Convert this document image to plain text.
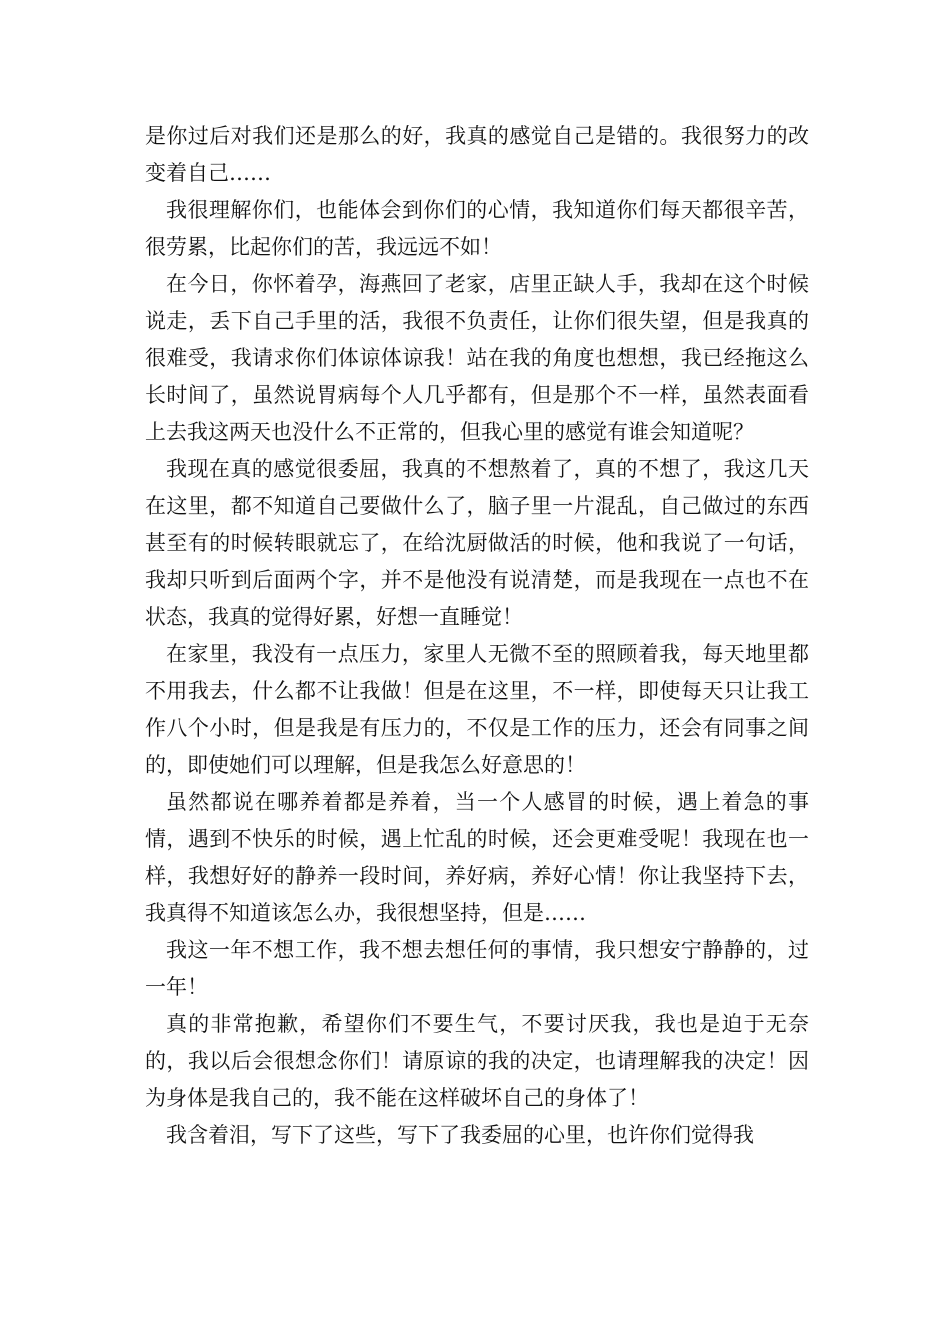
是你过后对我们还是那么的好，我真的感觉自己是错的。我很努力的改变着自己……

我很理解你们，也能体会到你们的心情，我知道你们每天都很辛苦，很劳累，比起你们的苦，我远远不如！

在今日，你怀着孕，海燕回了老家，店里正缺人手，我却在这个时候说走，丢下自己手里的活，我很不负责任，让你们很失望，但是我真的很难受，我请求你们体谅体谅我！站在我的角度也想想，我已经拖这么长时间了，虽然说胃病每个人几乎都有，但是那个不一样，虽然表面看上去我这两天也没什么不正常的，但我心里的感觉有谁会知道呢？

我现在真的感觉很委屈，我真的不想熬着了，真的不想了，我这几天在这里，都不知道自己要做什么了，脑子里一片混乱，自己做过的东西甚至有的时候转眼就忘了，在给沈厨做活的时候，他和我说了一句话，我却只听到后面两个字，并不是他没有说清楚，而是我现在一点也不在状态，我真的觉得好累，好想一直睡觉！

在家里，我没有一点压力，家里人无微不至的照顾着我，每天地里都不用我去，什么都不让我做！但是在这里，不一样，即使每天只让我工作八个小时，但是我是有压力的，不仅是工作的压力，还会有同事之间的，即使她们可以理解，但是我怎么好意思的！

虽然都说在哪养着都是养着，当一个人感冒的时候，遇上着急的事情，遇到不快乐的时候，遇上忙乱的时候，还会更难受呢！我现在也一样，我想好好的静养一段时间，养好病，养好心情！你让我坚持下去，我真得不知道该怎么办，我很想坚持，但是……

我这一年不想工作，我不想去想任何的事情，我只想安宁静静的，过一年！

真的非常抱歉，希望你们不要生气，不要讨厌我，我也是迫于无奈的，我以后会很想念你们！请原谅的我的决定，也请理解我的决定！因为身体是我自己的，我不能在这样破坏自己的身体了！

我含着泪，写下了这些，写下了我委屈的心里，也许你们觉得我
